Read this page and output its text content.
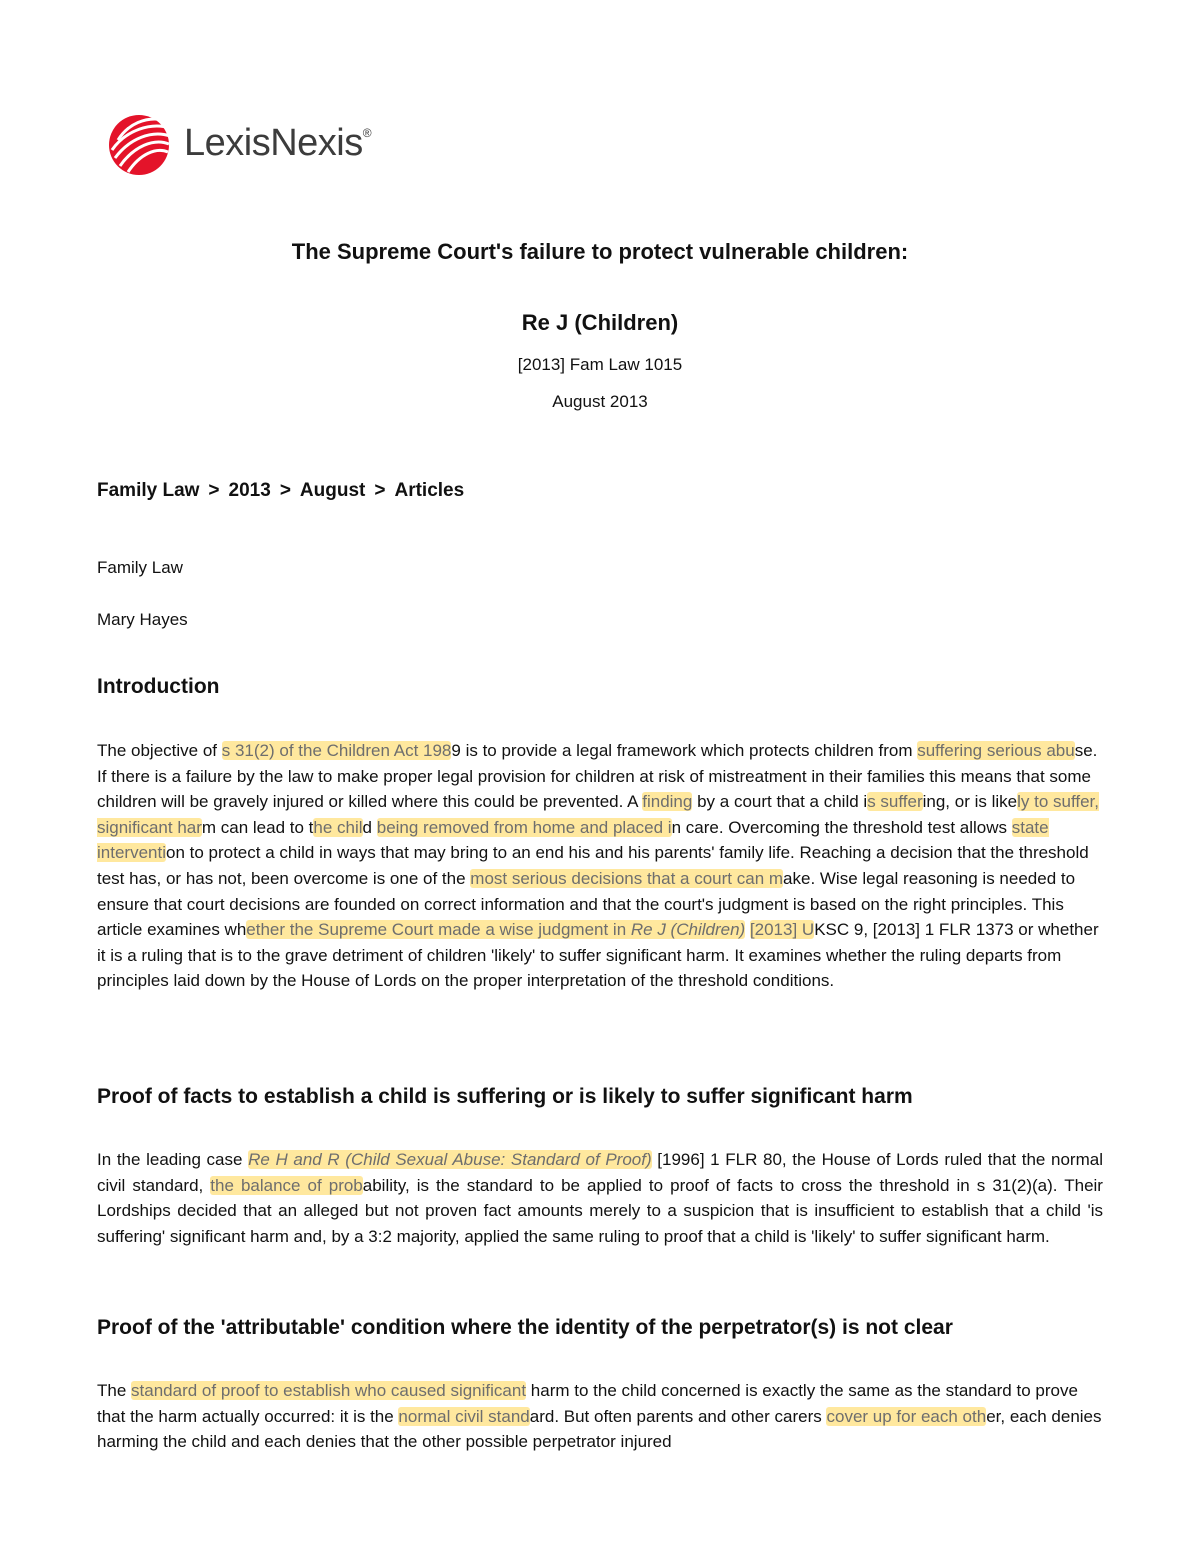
LexisNexis®
The Supreme Court's failure to protect vulnerable children:
Re J (Children)
[2013] Fam Law 1015
August 2013
Family Law > 2013 > August > Articles
Family Law
Mary Hayes
Introduction

The objective of s 31(2) of the Children Act 1989 is to provide a legal framework which protects children from suffering serious abuse. If there is a failure by the law to make proper legal provision for children at risk of mistreatment in their families this means that some children will be gravely injured or killed where this could be prevented. A finding by a court that a child is suffering, or is likely to suffer, significant harm can lead to the child being removed from home and placed in care. Overcoming the threshold test allows state intervention to protect a child in ways that may bring to an end his and his parents' family life. Reaching a decision that the threshold test has, or has not, been overcome is one of the most serious decisions that a court can make. Wise legal reasoning is needed to ensure that court decisions are founded on correct information and that the court's judgment is based on the right principles. This article examines whether the Supreme Court made a wise judgment in Re J (Children) [2013] UKSC 9, [2013] 1 FLR 1373 or whether it is a ruling that is to the grave detriment of children 'likely' to suffer significant harm. It examines whether the ruling departs from principles laid down by the House of Lords on the proper interpretation of the threshold conditions.

Proof of facts to establish a child is suffering or is likely to suffer significant harm

In the leading case Re H and R (Child Sexual Abuse: Standard of Proof) [1996] 1 FLR 80, the House of Lords ruled that the normal civil standard, the balance of probability, is the standard to be applied to proof of facts to cross the threshold in s 31(2)(a). Their Lordships decided that an alleged but not proven fact amounts merely to a suspicion that is insufficient to establish that a child 'is suffering' significant harm and, by a 3:2 majority, applied the same ruling to proof that a child is 'likely' to suffer significant harm.

Proof of the 'attributable' condition where the identity of the perpetrator(s) is not clear

The standard of proof to establish who caused significant harm to the child concerned is exactly the same as the standard to prove that the harm actually occurred: it is the normal civil standard. But often parents and other carers cover up for each other, each denies harming the child and each denies that the other possible perpetrator injured
